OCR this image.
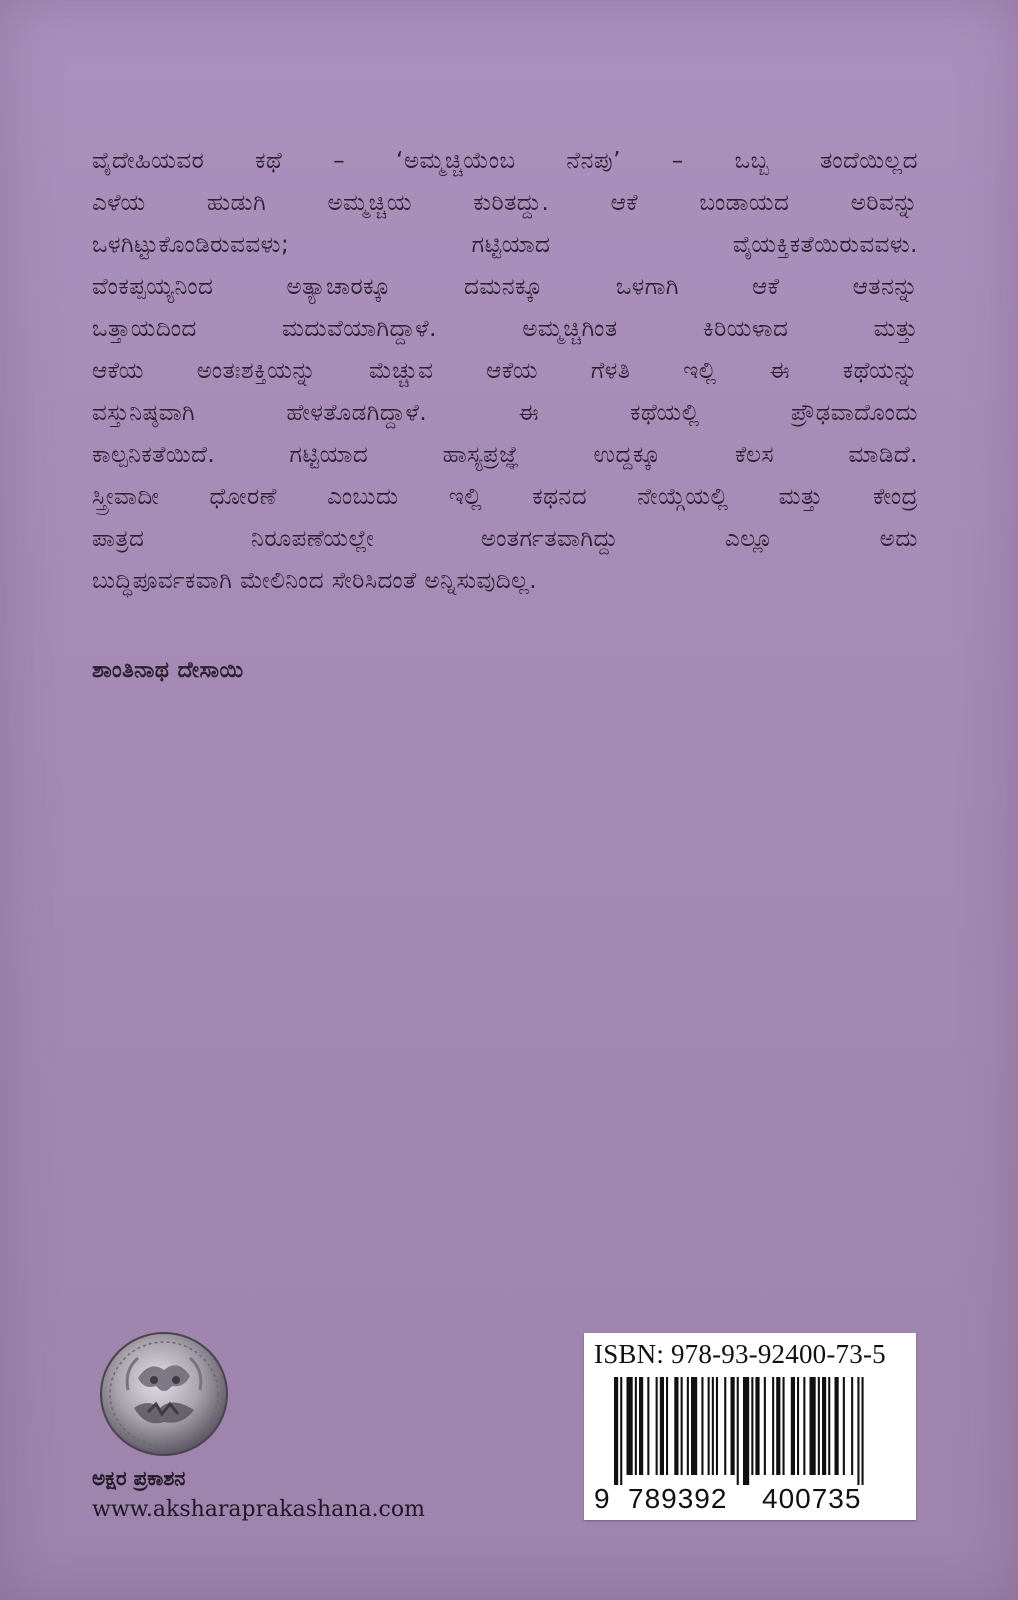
ವೈದೇಹಿಯವರ ಕಥೆ – ‘ಅಮ್ಮಚ್ಚಿಯೆಂಬ ನೆನಪು’ – ಒಬ್ಬ ತಂದೆಯಿಲ್ಲದ
ಎಳೆಯ ಹುಡುಗಿ ಅಮ್ಮಚ್ಚಿಯ ಕುರಿತದ್ದು. ಆಕೆ ಬಂಡಾಯದ ಅರಿವನ್ನು
ಒಳಗಿಟ್ಟುಕೊಂಡಿರುವವಳು; ಗಟ್ಟಿಯಾದ ವೈಯಕ್ತಿಕತೆಯಿರುವವಳು.
ವೆಂಕಪ್ಪಯ್ಯನಿಂದ ಅತ್ಯಾಚಾರಕ್ಕೂ ದಮನಕ್ಕೂ ಒಳಗಾಗಿ ಆಕೆ ಆತನನ್ನು
ಒತ್ತಾಯದಿಂದ ಮದುವೆಯಾಗಿದ್ದಾಳೆ. ಅಮ್ಮಚ್ಚಿಗಿಂತ ಕಿರಿಯಳಾದ ಮತ್ತು
ಆಕೆಯ ಅಂತಃಶಕ್ತಿಯನ್ನು ಮೆಚ್ಚುವ ಆಕೆಯ ಗೆಳತಿ ಇಲ್ಲಿ ಈ ಕಥೆಯನ್ನು
ವಸ್ತುನಿಷ್ಠವಾಗಿ ಹೇಳತೊಡಗಿದ್ದಾಳೆ. ಈ ಕಥೆಯಲ್ಲಿ ಪ್ರೌಢವಾದೊಂದು
ಕಾಲ್ಪನಿಕತೆಯಿದೆ. ಗಟ್ಟಿಯಾದ ಹಾಸ್ಯಪ್ರಜ್ಞೆ ಉದ್ದಕ್ಕೂ ಕೆಲಸ ಮಾಡಿದೆ.
ಸ್ತ್ರೀವಾದೀ ಧೋರಣೆ ಎಂಬುದು ಇಲ್ಲಿ ಕಥನದ ನೇಯ್ಗೆಯಲ್ಲಿ ಮತ್ತು ಕೇಂದ್ರ
ಪಾತ್ರದ ನಿರೂಪಣೆಯಲ್ಲೇ ಅಂತರ್ಗತವಾಗಿದ್ದು ಎಲ್ಲೂ ಅದು
ಬುದ್ಧಿಪೂರ್ವಕವಾಗಿ ಮೇಲಿನಿಂದ ಸೇರಿಸಿದಂತೆ ಅನ್ನಿಸುವುದಿಲ್ಲ.
ಶಾಂತಿನಾಥ ದೇಸಾಯಿ
ಅಕ್ಷರ ಪ್ರಕಾಶನ
www.aksharaprakashana.com
ISBN: 978-93-92400-73-5
9 789392 400735
